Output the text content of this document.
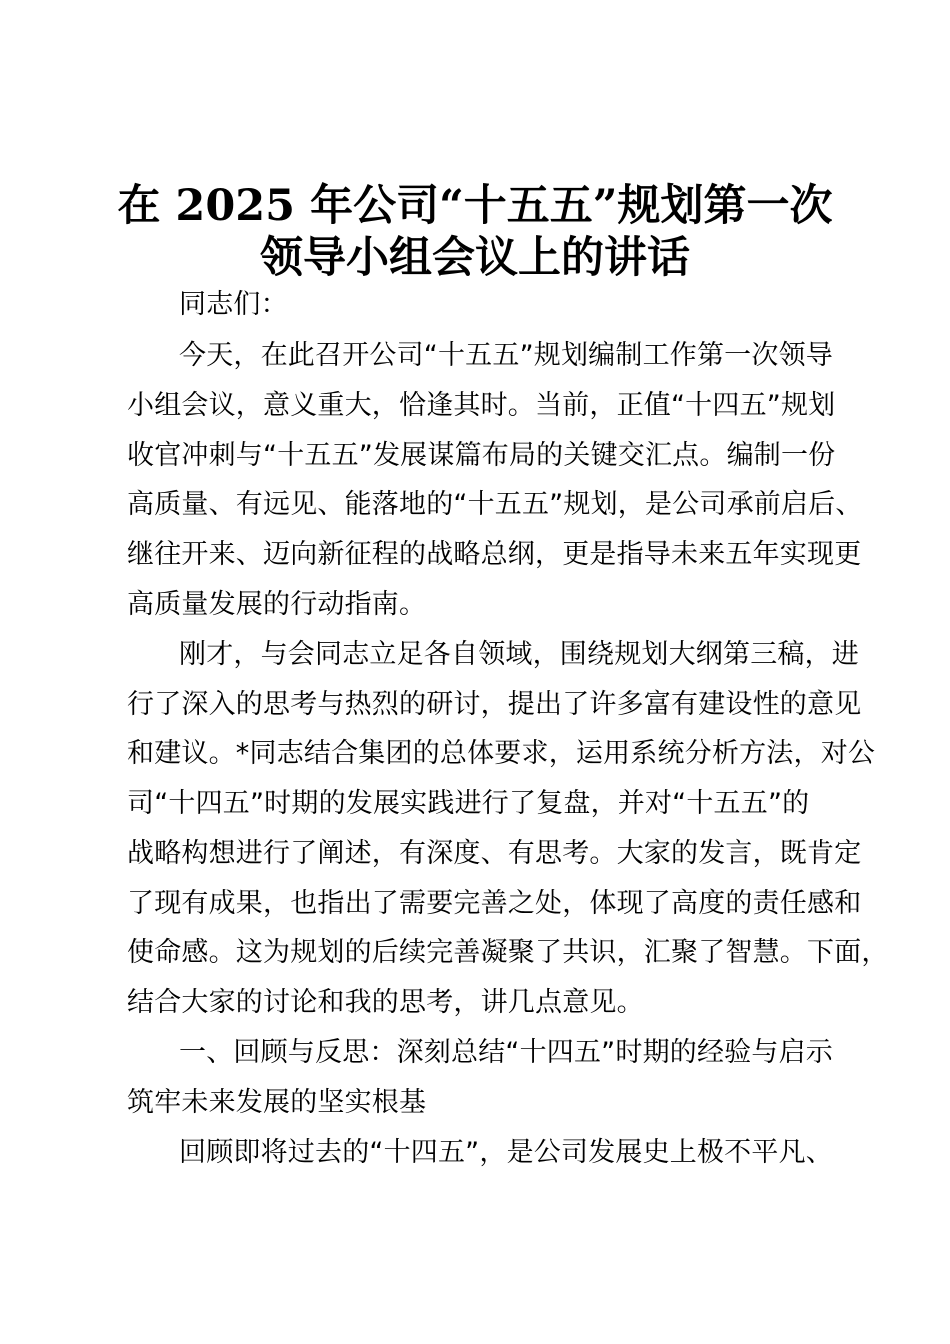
在 2025 年公司“十五五”规划第一次
领导小组会议上的讲话
同志们：
今天，在此召开公司“十五五”规划编制工作第一次领导
小组会议，意义重大，恰逢其时。当前，正值“十四五”规划
收官冲刺与“十五五”发展谋篇布局的关键交汇点。编制一份
高质量、有远见、能落地的“十五五”规划，是公司承前启后、
继往开来、迈向新征程的战略总纲，更是指导未来五年实现更
高质量发展的行动指南。
刚才，与会同志立足各自领域，围绕规划大纲第三稿，进
行了深入的思考与热烈的研讨，提出了许多富有建设性的意见
和建议。*同志结合集团的总体要求，运用系统分析方法，对公
司“十四五”时期的发展实践进行了复盘，并对“十五五”的
战略构想进行了阐述，有深度、有思考。大家的发言，既肯定
了现有成果，也指出了需要完善之处，体现了高度的责任感和
使命感。这为规划的后续完善凝聚了共识，汇聚了智慧。下面，
结合大家的讨论和我的思考，讲几点意见。
一、回顾与反思：深刻总结“十四五”时期的经验与启示
筑牢未来发展的坚实根基
回顾即将过去的“十四五”，是公司发展史上极不平凡、
